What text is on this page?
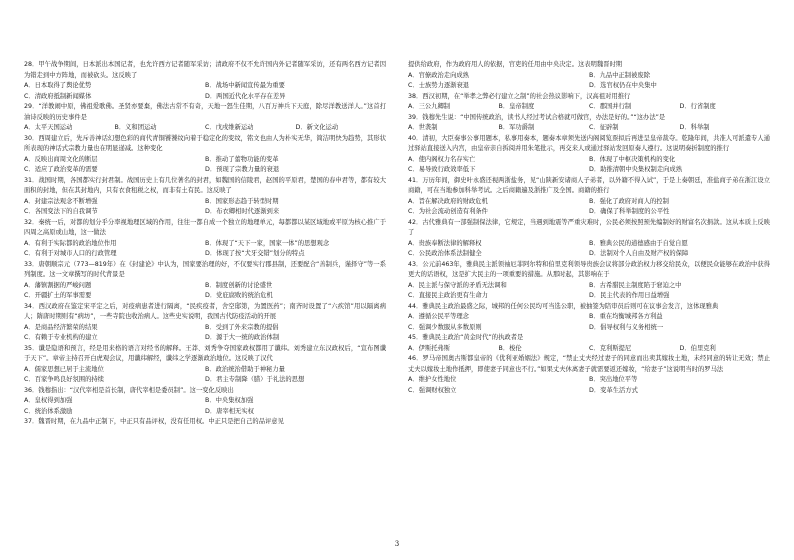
28．甲午战争期间，日本派出本国记者，也允许西方记者随军采访；清政府不仅不允许国内外记者随军采访，还有两名西方记者因为错走到中方阵地，而被砍头。这反映了
A．日本取得了舆论优势	B．战场中新闻宣传最为重要
C．清政府抵制新闻媒体	D．两国近代化水平存在差异
29．“洋教闹中原，佛祖爱歌佛。圣贤亦要棄，佛法古常不有奇，天地一怒生佳期，八百万神兵下天庭，除尽洋教送洋人。”这首打油诗反映的历史事件是
A．太平天国运动	B．义和团运动	C．戊戌维新运动	D．新文化运动
30．西周建立后，先斥善神话幻想色彩的商代青铜饕饕纹向着于稳定化的变纹，铭文也由人为朴实无华，简洁明快为趋势，其形状所表现的神话式宗教力量也在明显递减。这种变化
A．反映出商周文化的断层	B．推动了蕾物功能的变革
C．适应了政治变革的需要	D．预现了宗教力量的衰退
31．战国时期，各国都实行封君制。战国历史上有几位著名的封君，如魏国的信陵君，赵国的平原君，楚国的春申君等，都有较大面积的封地，但在其封地内，只有衣食租税之权，而非有土有民。这反映了
A．封建宗法观念不断增强	B．国家形态趋于转型时期
C．各国变法下的自我调节	D．布衣卿相时代逐渐到来
32．秦统一后，对都的划分乎分率视地理区域的作用，往往一都自成一个独立的地理单元，每都都以某区域地或平原为核心推广于四周之高原或山地，这一做法
A．有利于实际都的政治地位作用	B．体现了“天下一家，国家一体”的思想观念
C．有利于对城市人口的行政管理	D．体现了按“犬牙交错”划分的特点
33．唐朝顺宗元（773—819年）在《封建论》中认为，国家要治理的好，不仅要实行郡县制，还要配合“善制兵，谨择守”等一系列制度。这一文章撰写的时代背景是
A．藩镇割据的严峻问题	B．制度创新的讨论盛世
C．开疆扩土的军事需要	D．党庇腐败的统治危机
34．西汉政府在鉴定宋平定之后，对疫病患者进行隔离，“民疾疫者，舍空邸第，为置医药”；南齐时设置了“六疾馆”用以隔离病人；隋唐时期则有“病坊”，一些寺院也收治病人。这些史实说明，我国古代防疫活动的开展
A．是商品经济繁荣的结果	B．受到了外来宗教的提倡
C．有赖于专业机构的建立	D．源于大一统的政治体制
35．谶是隐语和预言，经是用来格的语言对经书的解释。王莽、刘秀争夺国家政权都用了谶纬。刘秀建立东汉政权后，“宣布图谶于天下”。章帝主持召开白虎观会议，用谶纬解经，谶纬之学逐渐政治地位。这反映了汉代
A．儒家思想已居于主流地位	B．政治统治借助于神秘力量
C．百家争鸣良好氛围的持续	D．君主专制降（腊）于礼法的思想
36．钱穆指出：“汉代宰相是首长制，唐代宰相是委员制”。这一变化反映出
A．皇权得到加强	B．中央集权加强
C．统治体系激励	D．唐宰相无实权
37．魏晋时期，在九品中正制下，中正只有品评权，没有任用权。中正只是把自己的品评意见
提供给政府，作为政府用人的依据，官吏的任用由中央决定。这表明魏晋时期
A．官僚政治走向成熟	B．九品中正制被废除
C．士族势力逐渐衰退	D．选官权仍在中央集中
38．西汉初期，在“举孝之弊必行建立之制”的社会热议影响下，汉高祖对用推行
A．三公九卿制	B．皇帝制度	C．郡国并行制	D．行省制度
39．钱穆先生说：“中国传统政治，读书人经过考试合格就可做官，办法是好的。”“这办法”是
A．世袭制	B．军功爵制	C．征辟制	D．科举制
40．清初，大臣奏事公事用题本，私事用奏本，题奏本章须先送内阁阅览票拟后再进呈皇帝裁夺。乾隆年间，共准人可派遣专人通过驿站直接送入内宫，由皇帝亲自拆阅并用朱笔批示，再交来人或通过驿站发回原奏人遵行。这说明奏折制度的推行
A．使内阁权力名存实亡	B．体现了中枢决策机构的变化
C．易导致行政效率低下	D．助推清朝中央集权制走向成熟
41．万历年间，御史叶永盛还视两浙盐务，见“山陕新安诸商人子弟者，以外籍不得入试”，于是上奏朝廷，准盐商子弟在浙江设立商籍，可在当地参加科举考试。之后商籍遍及浙推广及全国。商籍的推行
A．旨在解决政府的财政危机	B．强化了政府对商人的控制
C．为社会流动创造有利条件	D．确保了科举制度的公平性
42．古代雅典有一部强制保法律，它规定，当遇到地震等严重灾难时，公民必须按照预先编制好的财富名次捐款。这从本质上反映了
A．贵族奉断法律的解释权	B．雅典公民的道德感由于自觉自愿
C．公民政治体系法制健全	D．法制对个人自由及财产权的保障
43．公元前463年，雅典民主派领袖厄菲阿尔特和伯里克利领导贵族会议将部分政治权力移交给民众，以便民众能够在政治中获得更大的话语权，这是扩大民主的一项重要的措施。从那时起，其影响在于
A．民主派与保守派的矛盾无法调和	B．古希腊民主制度陷于窘迫之中
C．直接民主政治更有生命力	D．民主代表的作用日益增强
44．雅典民主政治最盛之际，城邦的任何公民均可当选公职，被抽签为陪审员后则可在议事会发言，这体现雅典
A．遵循公民平等理念	B．重在均衡城邦各方利益
C．强调少数服从多数原则	D．倡导权利与义务相统一
45．雅典民主政治“黄金时代”的执政者是
A．伊斯托弗斯	B．梭伦	C．克利斯提尼	D．伯里克利
46．罗马帝国奥古斯都皇帝的《优利亚婚姻法》规定，“禁止丈夫经过妻子的同意而出卖其嫁妆土地，未经同意的转让无效；禁止丈夫以嫁妆土地作抵押，即使妻子同意也不行。”如果丈夫休离妻子就需要返还嫁妆，“给妻子”这说明当时的罗马法
A．维护女性地位	B．突出地位平等
C．强调财权独立	D．变革生活方式
3
